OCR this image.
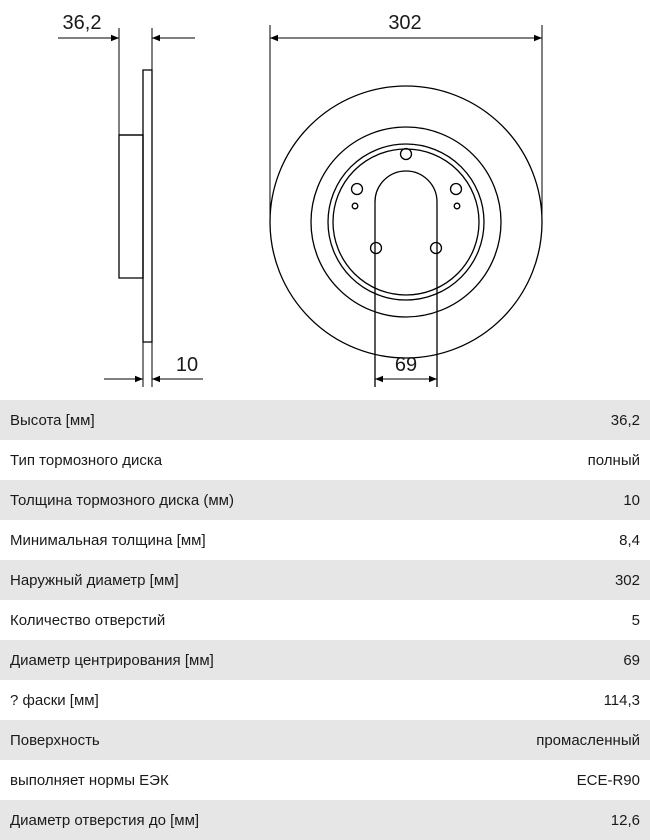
36,2
10
302
69
Высота [мм]	36,2
Тип тормозного диска	полный
Толщина тормозного диска (мм)	10
Минимальная толщина [мм]	8,4
Наружный диаметр [мм]	302
Количество отверстий	5
Диаметр центрирования [мм]	69
? фаски [мм]	114,3
Поверхность	промасленный
выполняет нормы ЕЭК	ECE-R90
Диаметр отверстия до [мм]	12,6
